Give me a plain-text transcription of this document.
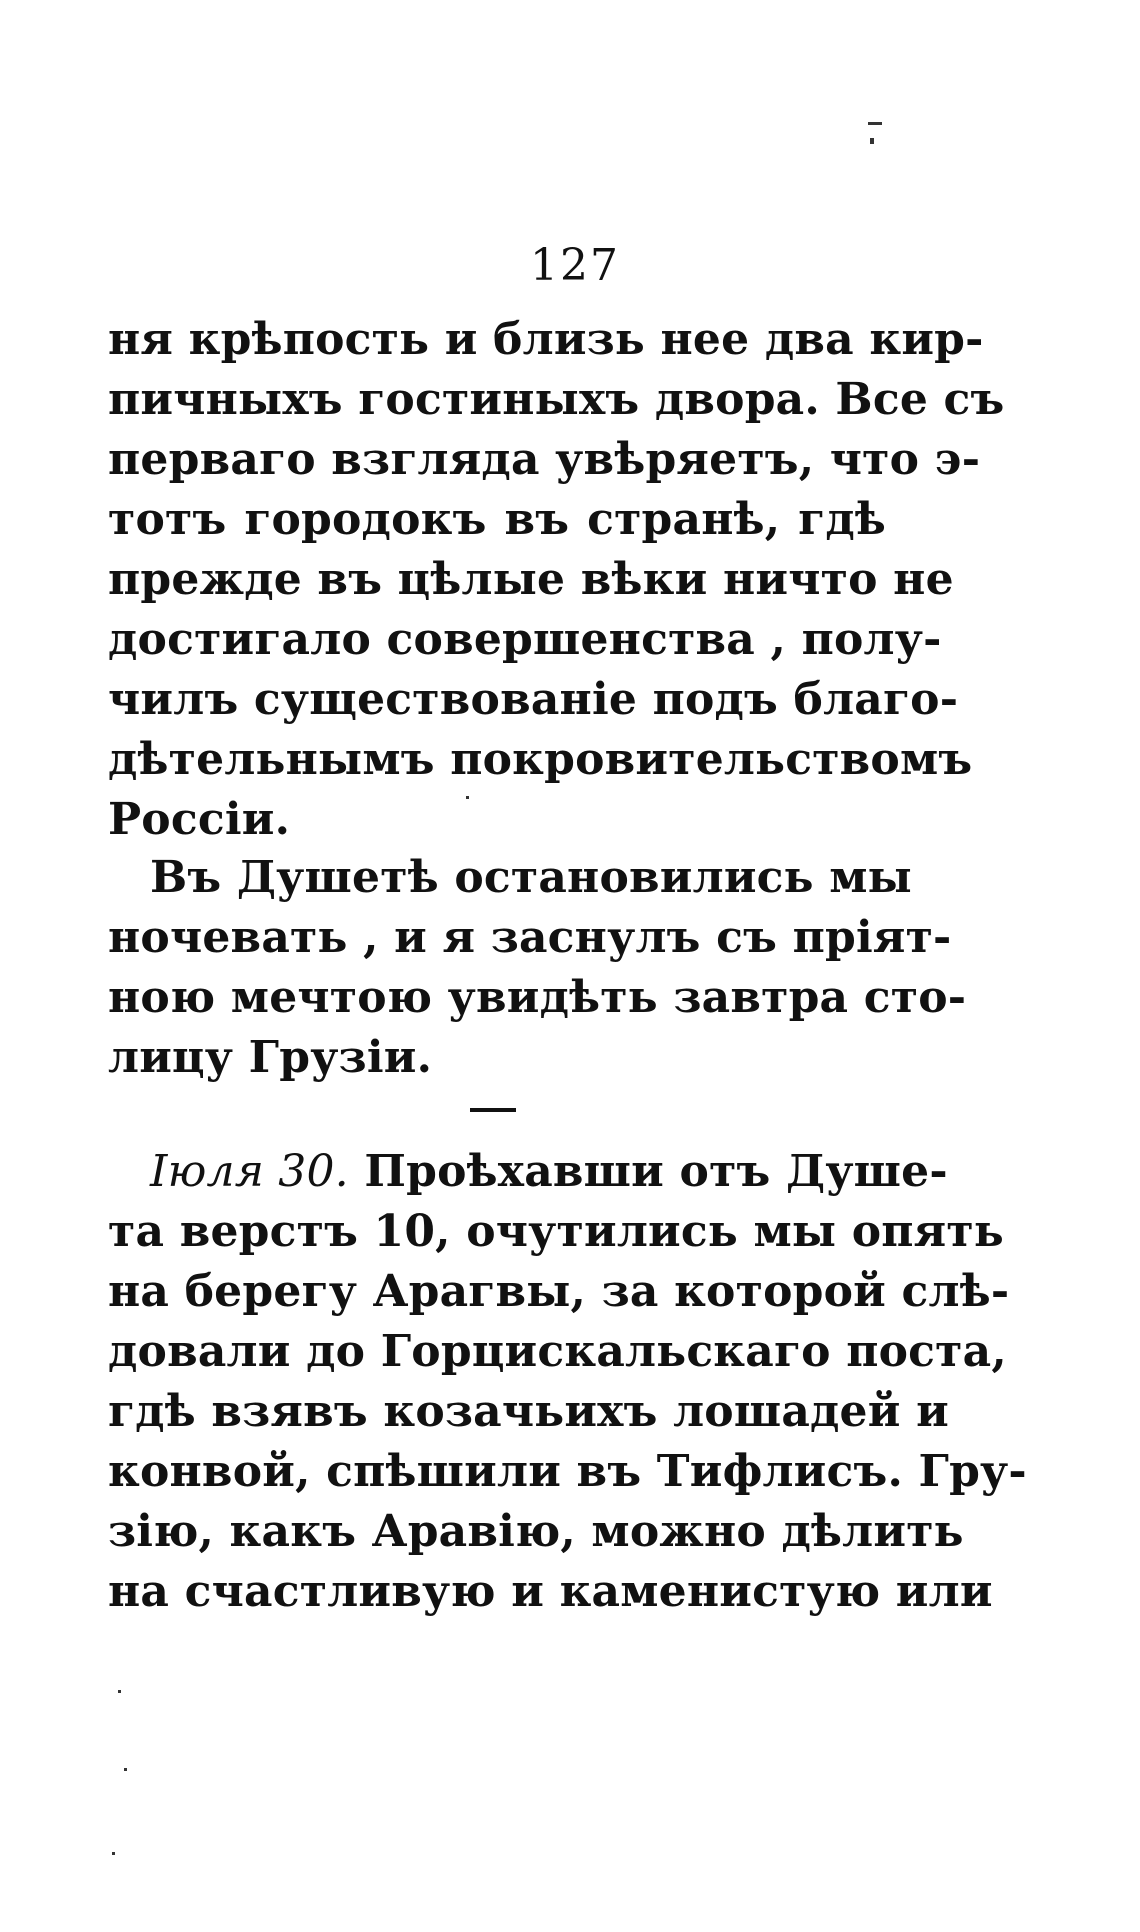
127
ня крѣпость и близь нее два кир-
пичныхъ гостиныхъ двора. Все съ
перваго взгляда увѣряетъ, что э-
тотъ городокъ въ странѣ, гдѣ
прежде въ цѣлые вѣки ничто не
достигало совершенства , полу-
чилъ существованіе подъ благо-
дѣтельнымъ покровительствомъ
Россіи.
Въ Душетѣ остановились мы
ночевать , и я заснулъ съ пріят-
ною мечтою увидѣть завтра сто-
лицу Грузіи.
Іюля 30. Проѣхавши отъ Душе-
та верстъ 10, очутились мы опять
на берегу Арагвы, за которой слѣ-
довали до Горцискальскаго поста,
гдѣ взявъ козачьихъ лошадей и
конвой, спѣшили въ Тифлисъ. Гру-
зію, какъ Аравію, можно дѣлить
на счастливую и каменистую или
